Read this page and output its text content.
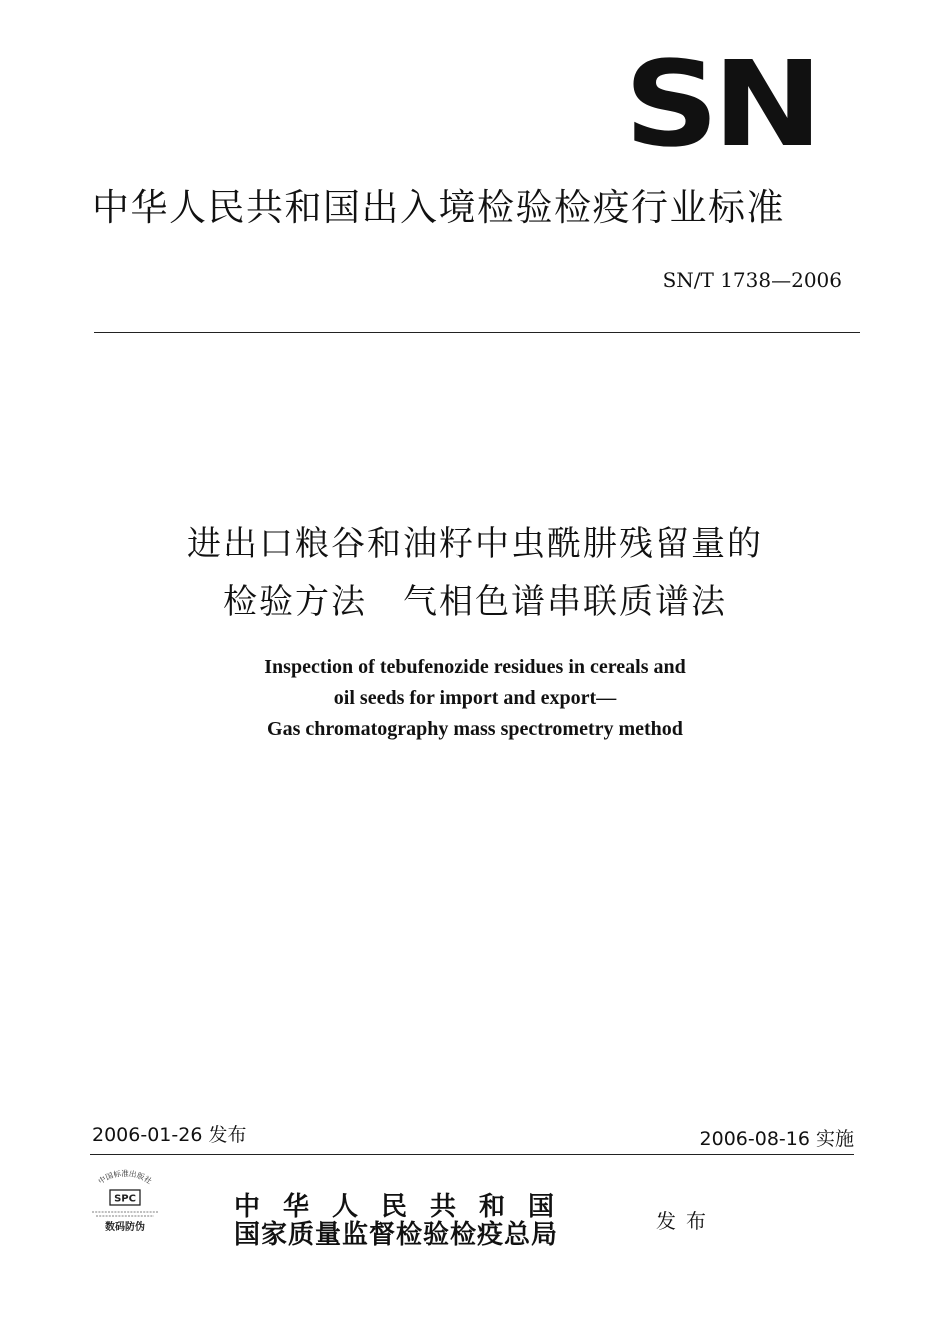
SN
中华人民共和国出入境检验检疫行业标准
SN/T 1738—2006
进出口粮谷和油籽中虫酰肼残留量的
检验方法　气相色谱串联质谱法
Inspection of tebufenozide residues in cereals and
oil seeds for import and export—
Gas chromatography mass spectrometry method
2006-01-26 发布	2006-08-16 实施
中国标准出版社
SPC
数码防伪
中华人民共和国
国家质量监督检验检疫总局	发布
